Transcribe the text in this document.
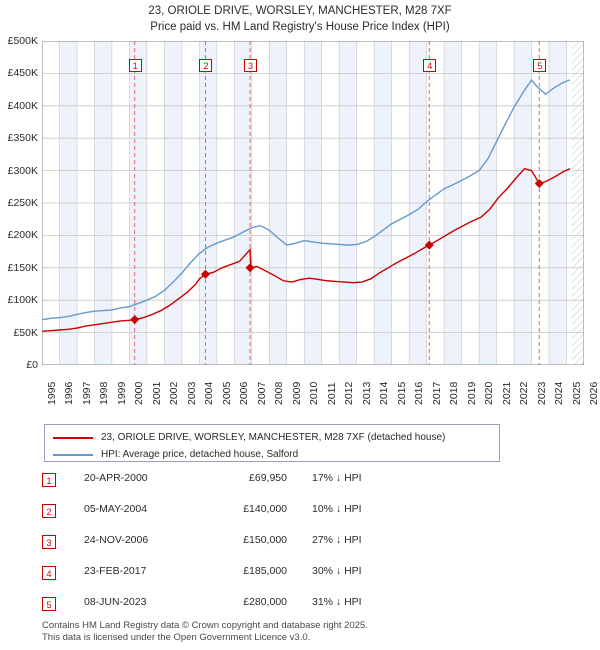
23, ORIOLE DRIVE, WORSLEY, MANCHESTER, M28 7XF
Price paid vs. HM Land Registry's House Price Index (HPI)
£0
£50K
£100K
£150K
£200K
£250K
£300K
£350K
£400K
£450K
£500K
1995 1996 1997 1998 1999 2000 2001 2002 2003 2004 2005 2006 2007 2008 2009 2010 2011 2012 2013 2014 2015 2016 2017 2018 2019 2020 2021 2022 2023 2024 2025 2026
1	2	3	4	5
23, ORIOLE DRIVE, WORSLEY, MANCHESTER, M28 7XF (detached house)
HPI: Average price, detached house, Salford
1	20-APR-2000	£69,950 17% ↓ HPI
2	05-MAY-2004	£140,000 10% ↓ HPI
3	24-NOV-2006	£150,000 27% ↓ HPI
4	23-FEB-2017	£185,000 30% ↓ HPI
5	08-JUN-2023	£280,000 31% ↓ HPI
Contains HM Land Registry data © Crown copyright and database right 2025.
This data is licensed under the Open Government Licence v3.0.
